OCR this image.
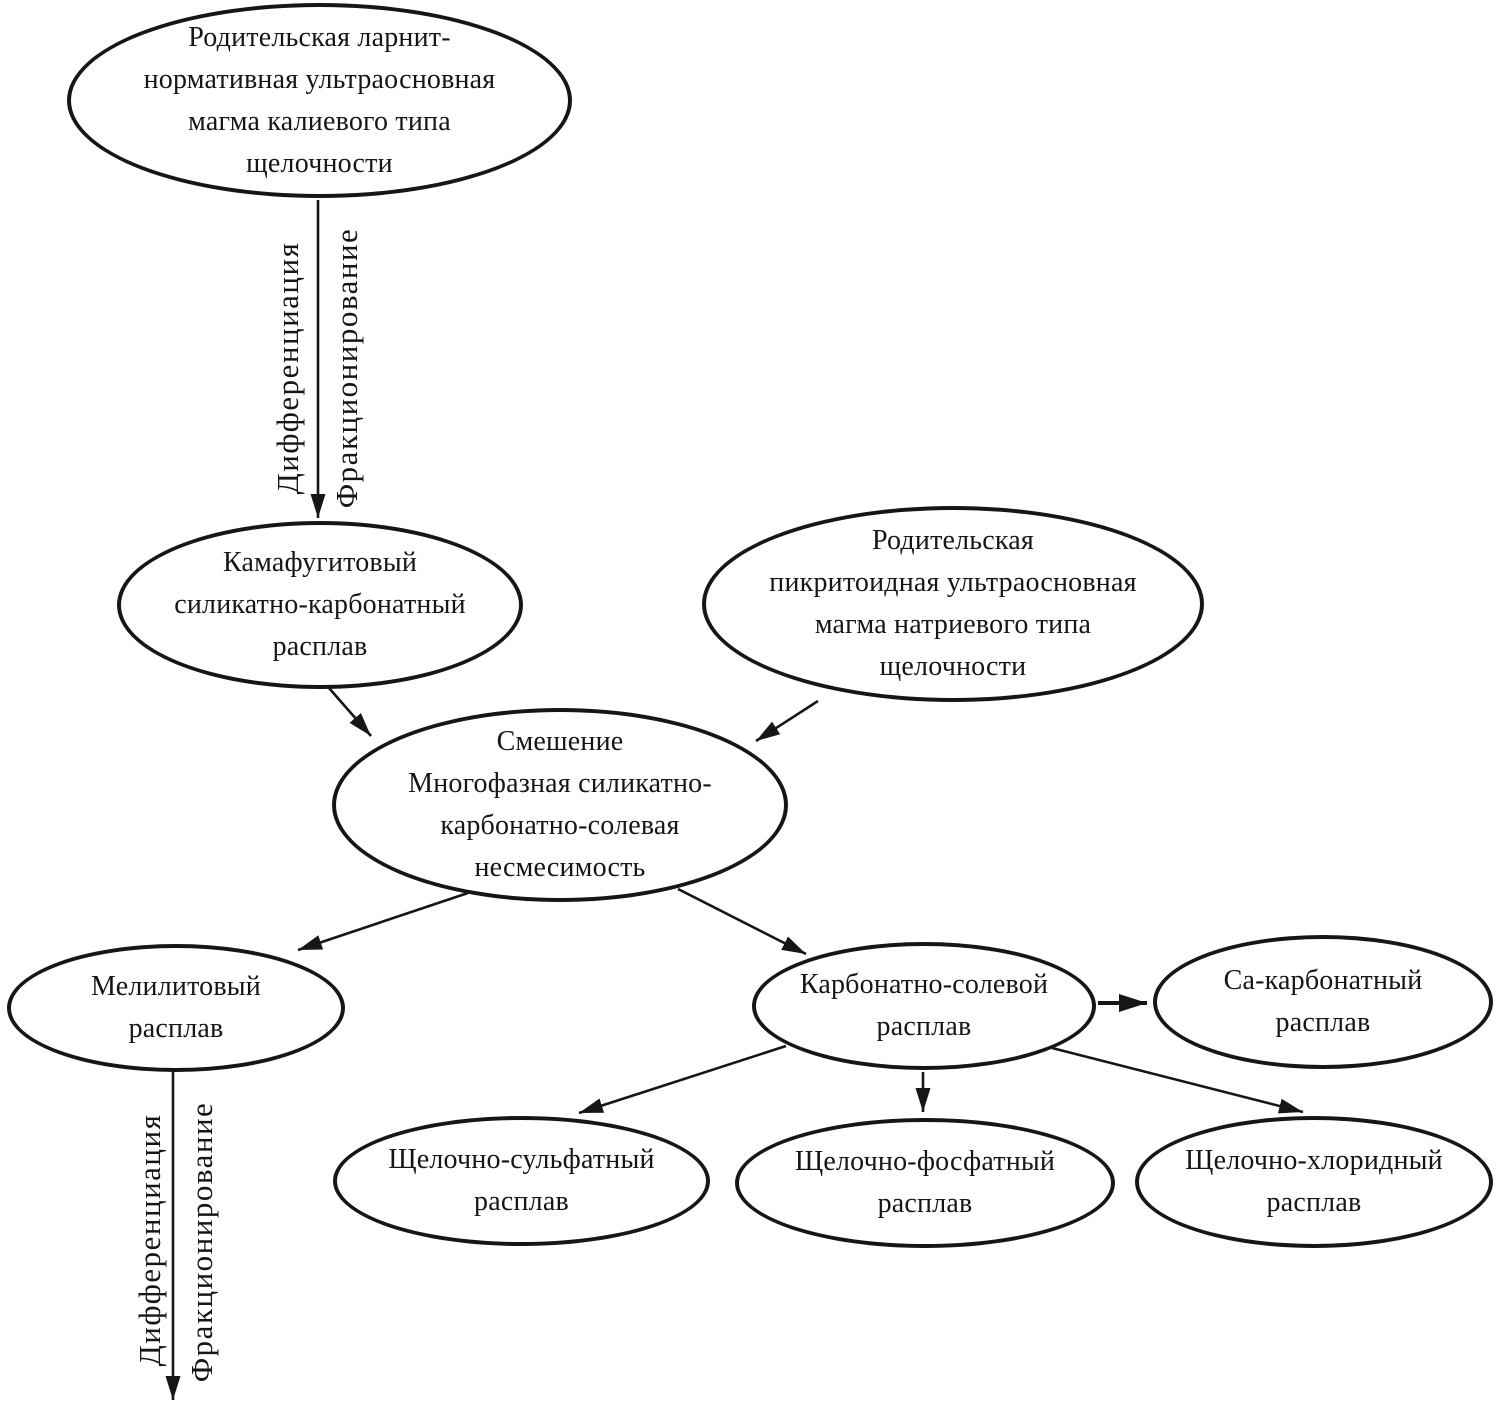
Родительская ларнит-
нормативная ультраосновная
магма калиевого типа
щелочности
Камафугитовый
силикатно-карбонатный
расплав
Родительская
пикритоидная ультраосновная
магма натриевого типа
щелочности
Смешение
Многофазная силикатно-
карбонатно-солевая
несмесимость
Мелилитовый
расплав
Карбонатно-солевой
расплав
Са-карбонатный
расплав
Щелочно-сульфатный
расплав
Щелочно-фосфатный
расплав
Щелочно-хлоридный
расплав
Дифференциация Фракционирование
Дифференциация Фракционирование
